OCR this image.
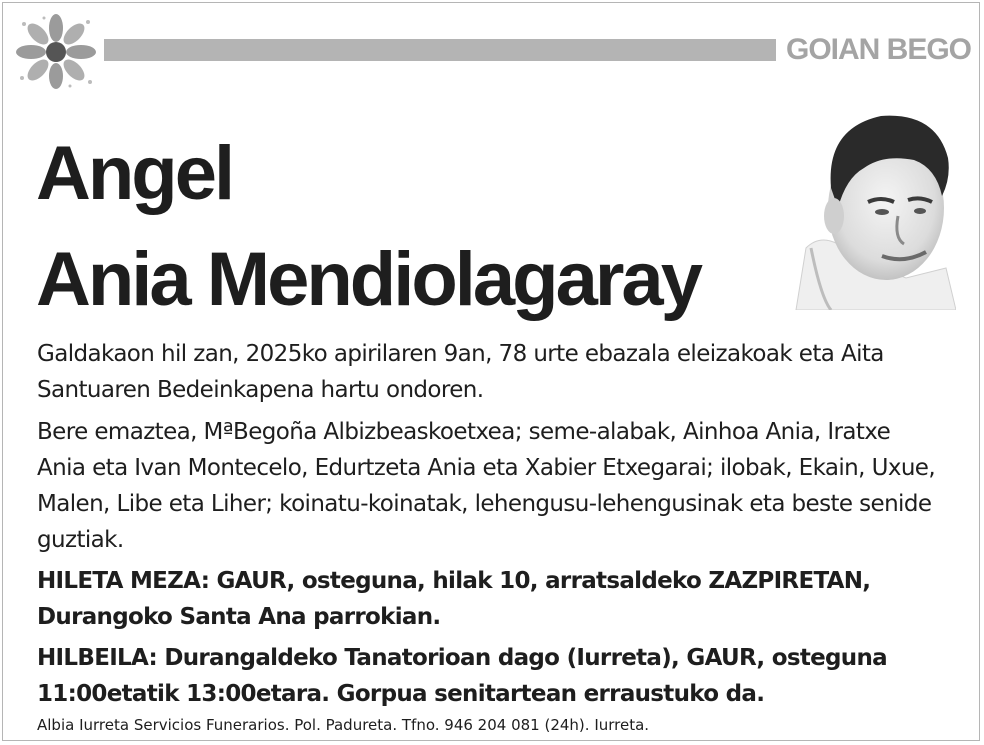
GOIAN BEGO
Angel
Ania Mendiolagaray

Galdakaon hil zan, 2025ko apirilaren 9an, 78 urte ebazala eleizakoak eta Aita Santuaren Bedeinkapena hartu ondoren.

Bere emaztea, MªBegoña Albizbeaskoetxea; seme-alabak, Ainhoa Ania, Iratxe Ania eta Ivan Montecelo, Edurtzeta Ania eta Xabier Etxegarai; ilobak, Ekain, Uxue, Malen, Libe eta Liher; koinatu-koinatak, lehengusu-lehengusinak eta beste senide guztiak.

HILETA MEZA: GAUR, osteguna, hilak 10, arratsaldeko ZAZPIRETAN, Durangoko Santa Ana parrokian.

HILBEILA: Durangaldeko Tanatorioan dago (Iurreta), GAUR, osteguna 11:00etatik 13:00etara. Gorpua senitartean erraustuko da.

Albia Iurreta Servicios Funerarios. Pol. Padureta. Tfno. 946 204 081 (24h). Iurreta.
